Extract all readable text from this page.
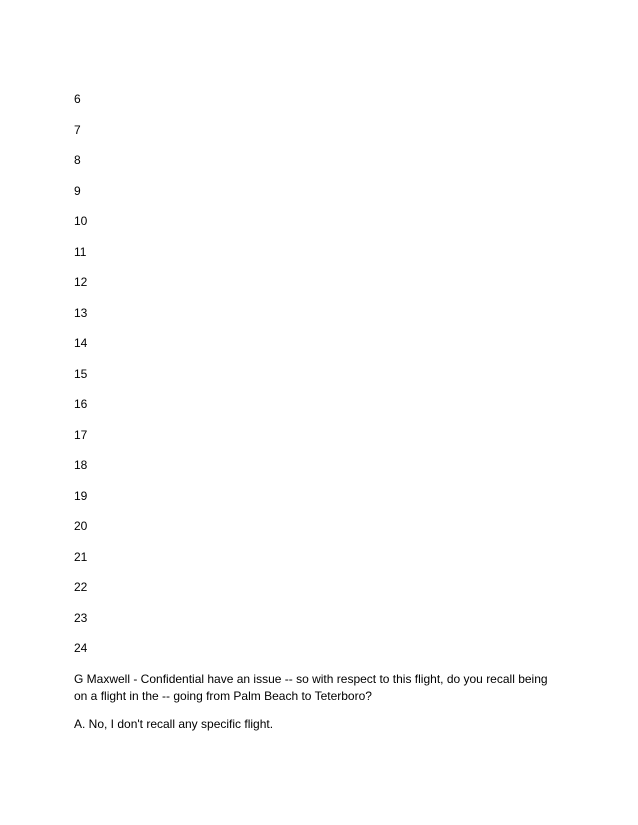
6
7
8
9
10
11
12
13
14
15
16
17
18
19
20
21
22
23
24

G Maxwell - Confidential have an issue -- so with respect to this flight, do you recall being on a flight in the -- going from Palm Beach to Teterboro?

A. No, I don't recall any specific flight.
